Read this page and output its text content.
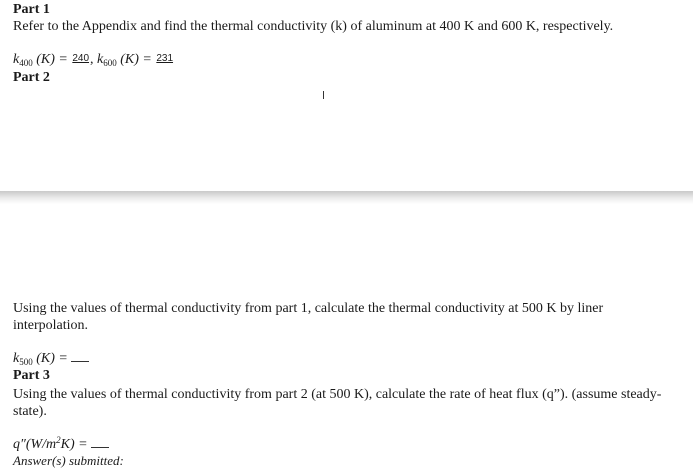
Part 1
Refer to the Appendix and find the thermal conductivity (k) of aluminum at 400 K and 600 K, respectively.
$k_{400}$ (K) = 240, $k_{600}$ (K) = 231
Part 2
Using the values of thermal conductivity from part 1, calculate the thermal conductivity at 500 K by liner interpolation.
$k_{500}$ (K) =
Part 3
Using the values of thermal conductivity from part 2 (at 500 K), calculate the rate of heat flux (q”). (assume steady-state).
$q''(W/m^2K)$ =
Answer(s) submitted:
